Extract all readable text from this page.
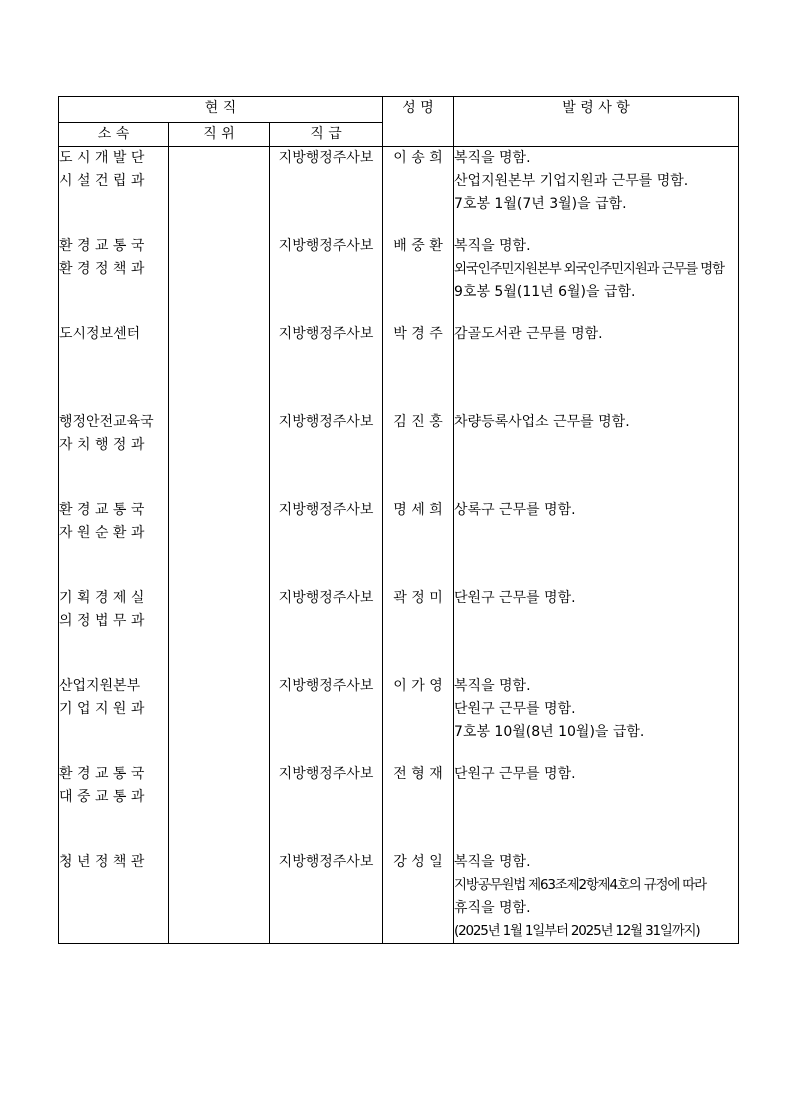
현 직			성 명	발 령 사 항
소 속	직 위	직 급		

도 시 개 발 단
시 설 건 립 과		지방행정주사보	이 송 희	복직을 명함.
산업지원본부 기업지원과 근무를 명함.
7호봉 1월(7년 3월)을 급함.

환 경 교 통 국
환 경 정 책 과		지방행정주사보	배 중 환	복직을 명함.
외국인주민지원본부 외국인주민지원과 근무를 명함
9호봉 5월(11년 6월)을 급함.

도시정보센터		지방행정주사보	박 경 주	감골도서관 근무를 명함.

행정안전교육국
자 치 행 정 과		지방행정주사보	김 진 홍	차량등록사업소 근무를 명함.

환 경 교 통 국
자 원 순 환 과		지방행정주사보	명 세 희	상록구 근무를 명함.

기 획 경 제 실
의 정 법 무 과		지방행정주사보	곽 정 미	단원구 근무를 명함.

산업지원본부
기 업 지 원 과		지방행정주사보	이 가 영	복직을 명함.
단원구 근무를 명함.
7호봉 10월(8년 10월)을 급함.

환 경 교 통 국
대 중 교 통 과		지방행정주사보	전 형 재	단원구 근무를 명함.

청 년 정 책 관		지방행정주사보	강 성 일	복직을 명함.
지방공무원법 제63조제2항제4호의 규정에 따라
휴직을 명함.
(2025년 1월 1일부터 2025년 12월 31일까지)
